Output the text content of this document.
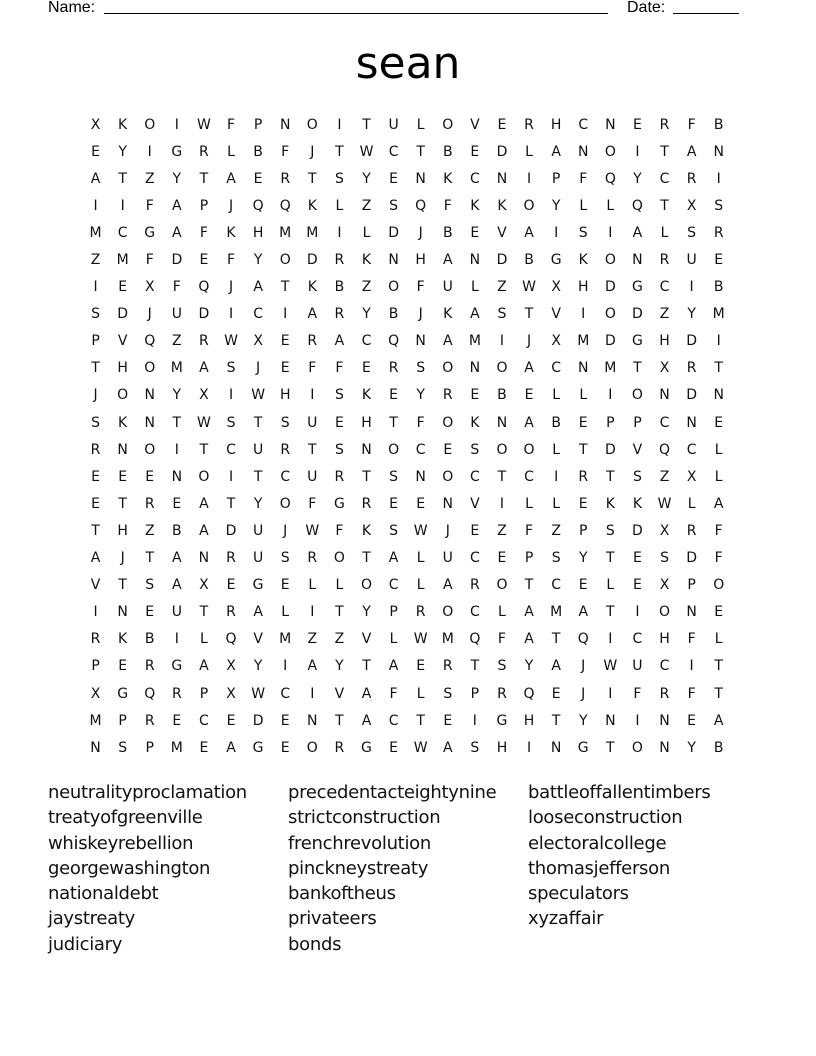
Name:	Date:
sean
X	K	O	I	W	F	P	N	O	I	T	U	L	O	V	E	R	H	C	N	E	R	F	B
E	Y	I	G	R	L	B	F	J	T	W	C	T	B	E	D	L	A	N	O	I	T	A	N
A	T	Z	Y	T	A	E	R	T	S	Y	E	N	K	C	N	I	P	F	Q	Y	C	R	I
I	I	F	A	P	J	Q	Q	K	L	Z	S	Q	F	K	K	O	Y	L	L	Q	T	X	S
M	C	G	A	F	K	H	M	M	I	L	D	J	B	E	V	A	I	S	I	A	L	S	R
Z	M	F	D	E	F	Y	O	D	R	K	N	H	A	N	D	B	G	K	O	N	R	U	E
I	E	X	F	Q	J	A	T	K	B	Z	O	F	U	L	Z	W	X	H	D	G	C	I	B
S	D	J	U	D	I	C	I	A	R	Y	B	J	K	A	S	T	V	I	O	D	Z	Y	M
P	V	Q	Z	R	W	X	E	R	A	C	Q	N	A	M	I	J	X	M	D	G	H	D	I
T	H	O	M	A	S	J	E	F	F	E	R	S	O	N	O	A	C	N	M	T	X	R	T
J	O	N	Y	X	I	W	H	I	S	K	E	Y	R	E	B	E	L	L	I	O	N	D	N
S	K	N	T	W	S	T	S	U	E	H	T	F	O	K	N	A	B	E	P	P	C	N	E
R	N	O	I	T	C	U	R	T	S	N	O	C	E	S	O	O	L	T	D	V	Q	C	L
E	E	E	N	O	I	T	C	U	R	T	S	N	O	C	T	C	I	R	T	S	Z	X	L
E	T	R	E	A	T	Y	O	F	G	R	E	E	N	V	I	L	L	E	K	K	W	L	A
T	H	Z	B	A	D	U	J	W	F	K	S	W	J	E	Z	F	Z	P	S	D	X	R	F
A	J	T	A	N	R	U	S	R	O	T	A	L	U	C	E	P	S	Y	T	E	S	D	F
V	T	S	A	X	E	G	E	L	L	O	C	L	A	R	O	T	C	E	L	E	X	P	O
I	N	E	U	T	R	A	L	I	T	Y	P	R	O	C	L	A	M	A	T	I	O	N	E
R	K	B	I	L	Q	V	M	Z	Z	V	L	W	M	Q	F	A	T	Q	I	C	H	F	L
P	E	R	G	A	X	Y	I	A	Y	T	A	E	R	T	S	Y	A	J	W	U	C	I	T
X	G	Q	R	P	X	W	C	I	V	A	F	L	S	P	R	Q	E	J	I	F	R	F	T
M	P	R	E	C	E	D	E	N	T	A	C	T	E	I	G	H	T	Y	N	I	N	E	A
N	S	P	M	E	A	G	E	O	R	G	E	W	A	S	H	I	N	G	T	O	N	Y	B
neutralityproclamation
treatyofgreenville
whiskeyrebellion
georgewashington
nationaldebt
jaystreaty
judiciary
precedentacteightynine
strictconstruction
frenchrevolution
pinckneystreaty
bankoftheus
privateers
bonds
battleoffallentimbers
looseconstruction
electoralcollege
thomasjefferson
speculators
xyzaffair
